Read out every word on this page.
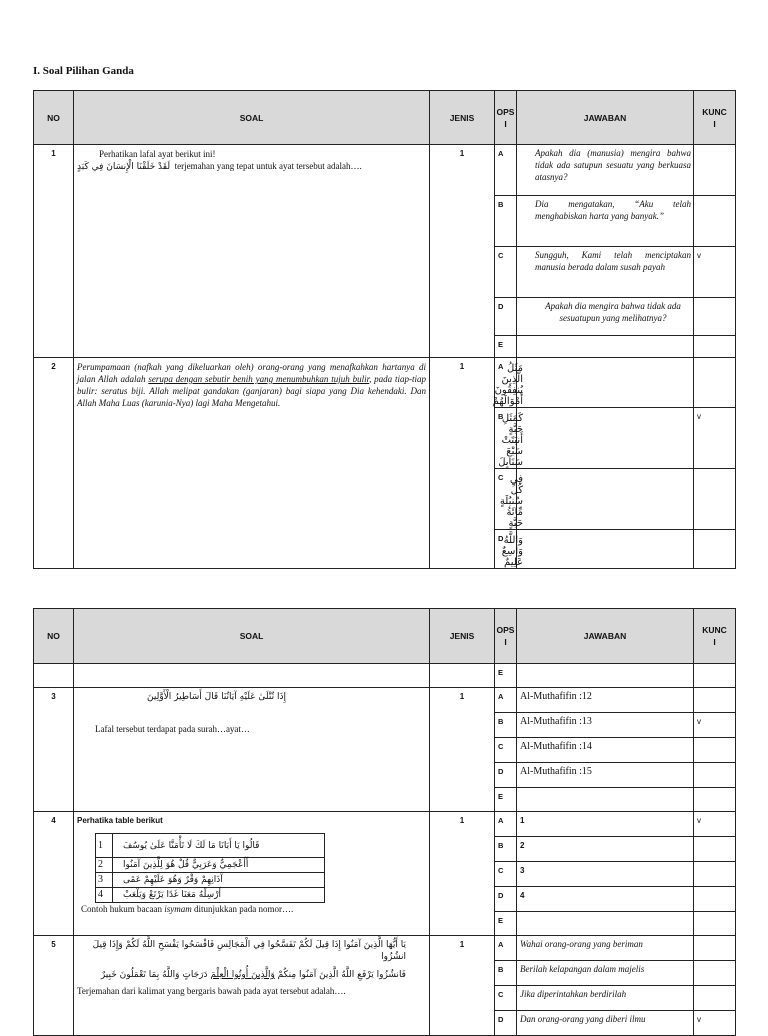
I. Soal Pilihan Ganda
NO	SOAL	JENIS	OPS
I	JAWABAN	KUNC
I
1	Perhatikan lafal ayat berikut ini!
لَقَدْ خَلَقْنَا الْإِنسَانَ فِي كَبَدٍ terjemahan yang tepat untuk ayat tersebut adalah….	1	A	Apakah dia (manusia) mengira bahwa tidak ada satupun sesuatu yang berkuasa atasnya?	
			B	Dia mengatakan, “Aku telah menghabiskan harta yang banyak.”	
			C	Sungguh, Kami telah menciptakan manusia berada dalam susah payah	v
			D	Apakah dia mengira bahwa tidak ada sesuatupun yang melihatnya?	
			E		
2	Perumpamaan (nafkah yang dikeluarkan oleh) orang-orang yang menafkahkan hartanya di jalan Allah adalah serupa dengan sebutir benih yang menumbuhkan tujuh bulir, pada tiap-tiap bulir: seratus biji. Allah melipat gandakan (ganjaran) bagi siapa yang Dia kehendaki. Dan Allah Maha Luas (karunia-Nya) lagi Maha Mengetahui.	1	A	مَثَلُ الَّذِينَ يُنفِقُونَ أَمْوَالَهُمْ	
			B	كَمَثَلِ حَبَّةٍ أَنبَتَتْ سَبْعَ سَنَابِلَ	v
			C	فِي كُلِّ سُنبُلَةٍ مِّائَةُ حَبَّةٍ	
			D	وَاللَّهُ وَاسِعٌ عَلِيمٌ	
NO	SOAL	JENIS	OPS
I	JAWABAN	KUNC
I
			E		
3	إِذَا تُتْلَىٰ عَلَيْهِ آيَاتُنَا قَالَ أَسَاطِيرُ الْأَوَّلِينَ
Lafal tersebut terdapat pada surah…ayat…
	1	A	Al-Muthafifin :12	
B	Al-Muthafifin :13	v
C	Al-Muthafifin :14	
D	Al-Muthafifin :15	
E		
4	Perhatika table berikut
1	قَالُوا يَا أَبَانَا مَا لَكَ لَا تَأْمَنَّا عَلَىٰ يُوسُفَ
2	أَأَعْجَمِيٌّ وَعَرَبِيٌّ قُلْ هُوَ لِلَّذِينَ آمَنُوا
3	آذَانِهِمْ وَقْرٌ وَهُوَ عَلَيْهِمْ عَمًى
4	أَرْسِلْهُ مَعَنَا غَدًا يَرْتَعْ وَيَلْعَبْ
Contoh hukum bacaan isymam ditunjukkan pada nomor….
	1	A	1	v
B	2	
C	3	
D	4	
E		
5	يَا أَيُّهَا الَّذِينَ آمَنُوا إِذَا قِيلَ لَكُمْ تَفَسَّحُوا فِي الْمَجَالِسِ فَافْسَحُوا يَفْسَحِ اللَّهُ لَكُمْ وَإِذَا قِيلَ انشُزُوا
فَانشُزُوا يَرْفَعِ اللَّهُ الَّذِينَ آمَنُوا مِنكُمْ وَالَّذِينَ أُوتُوا الْعِلْمَ دَرَجَاتٍ وَاللَّهُ بِمَا تَعْمَلُونَ خَبِيرٌ
Terjemahan dari kalimat yang bergaris bawah pada ayat tersebut adalah….
	1	A	Wahai orang-orang yang beriman	
B	Berilah kelapangan dalam majelis	
C	Jika diperintahkan berdirilah	
D	Dan orang-orang yang diberi ilmu	v
